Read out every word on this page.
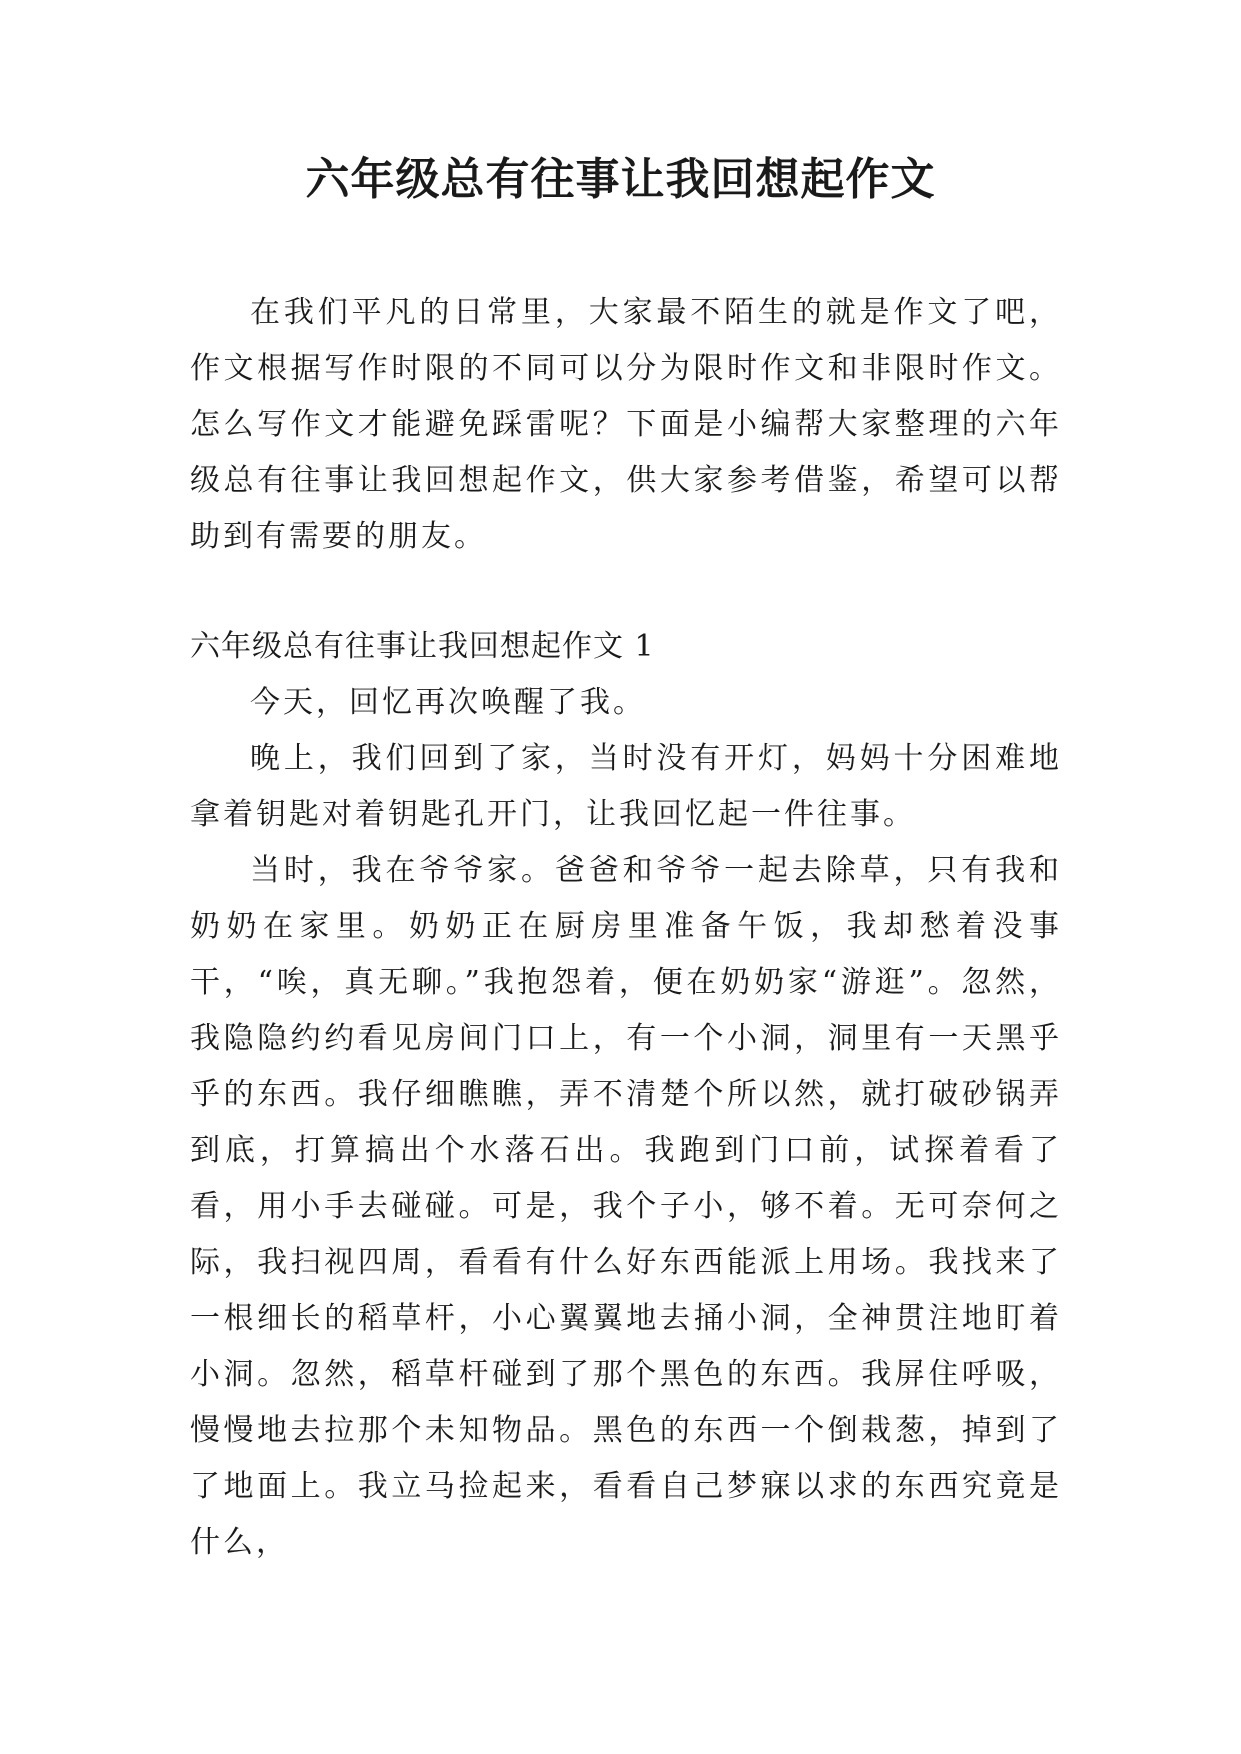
六年级总有往事让我回想起作文

在我们平凡的日常里，大家最不陌生的就是作文了吧，作文根据写作时限的不同可以分为限时作文和非限时作文。怎么写作文才能避免踩雷呢？下面是小编帮大家整理的六年级总有往事让我回想起作文，供大家参考借鉴，希望可以帮助到有需要的朋友。

六年级总有往事让我回想起作文 1

今天，回忆再次唤醒了我。

晚上，我们回到了家，当时没有开灯，妈妈十分困难地拿着钥匙对着钥匙孔开门，让我回忆起一件往事。

当时，我在爷爷家。爸爸和爷爷一起去除草，只有我和奶奶在家里。奶奶正在厨房里准备午饭，我却愁着没事干，“唉，真无聊。”我抱怨着，便在奶奶家“游逛”。忽然，我隐隐约约看见房间门口上，有一个小洞，洞里有一天黑乎乎的东西。我仔细瞧瞧，弄不清楚个所以然，就打破砂锅弄到底，打算搞出个水落石出。我跑到门口前，试探着看了看，用小手去碰碰。可是，我个子小，够不着。无可奈何之际，我扫视四周，看看有什么好东西能派上用场。我找来了一根细长的稻草杆，小心翼翼地去捅小洞，全神贯注地盯着小洞。忽然，稻草杆碰到了那个黑色的东西。我屏住呼吸，慢慢地去拉那个未知物品。黑色的东西一个倒栽葱，掉到了了地面上。我立马捡起来，看看自己梦寐以求的东西究竟是什么，
